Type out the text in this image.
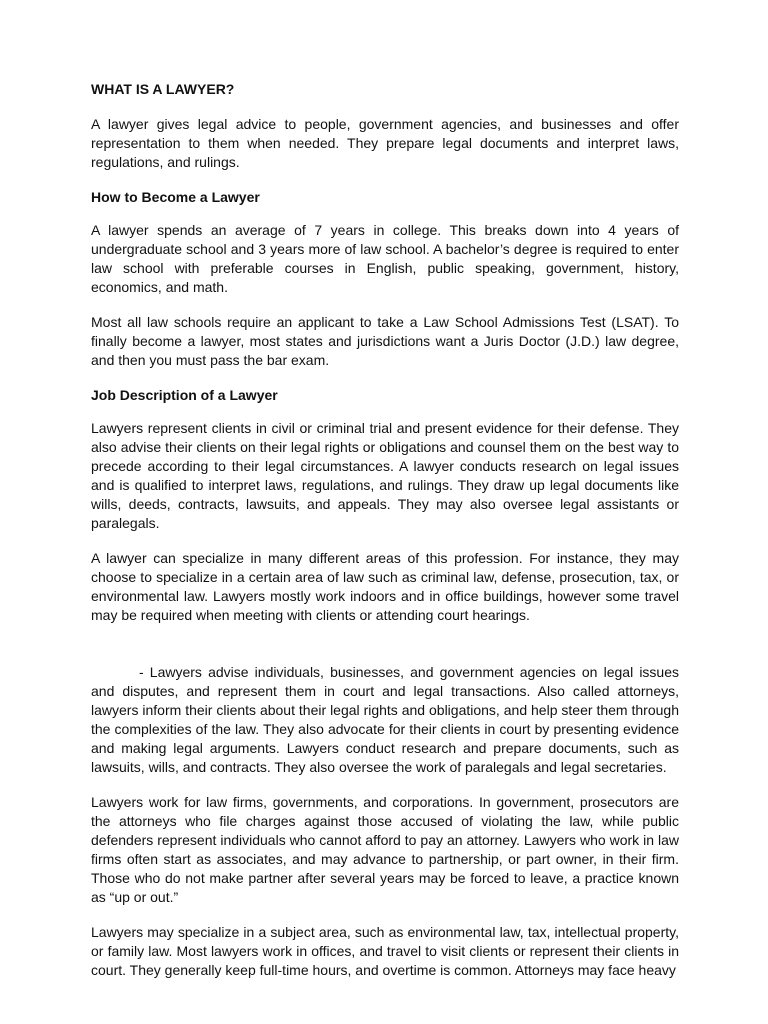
WHAT IS A LAWYER?

A lawyer gives legal advice to people, government agencies, and businesses and offer representation to them when needed. They prepare legal documents and interpret laws, regulations, and rulings.

How to Become a Lawyer

A lawyer spends an average of 7 years in college. This breaks down into 4 years of undergraduate school and 3 years more of law school. A bachelor’s degree is required to enter law school with preferable courses in English, public speaking, government, history, economics, and math.

Most all law schools require an applicant to take a Law School Admissions Test (LSAT). To finally become a lawyer, most states and jurisdictions want a Juris Doctor (J.D.) law degree, and then you must pass the bar exam.

Job Description of a Lawyer

Lawyers represent clients in civil or criminal trial and present evidence for their defense. They also advise their clients on their legal rights or obligations and counsel them on the best way to precede according to their legal circumstances. A lawyer conducts research on legal issues and is qualified to interpret laws, regulations, and rulings. They draw up legal documents like wills, deeds, contracts, lawsuits, and appeals. They may also oversee legal assistants or paralegals.

A lawyer can specialize in many different areas of this profession. For instance, they may choose to specialize in a certain area of law such as criminal law, defense, prosecution, tax, or environmental law. Lawyers mostly work indoors and in office buildings, however some travel may be required when meeting with clients or attending court hearings.

- Lawyers advise individuals, businesses, and government agencies on legal issues and disputes, and represent them in court and legal transactions. Also called attorneys, lawyers inform their clients about their legal rights and obligations, and help steer them through the complexities of the law. They also advocate for their clients in court by presenting evidence and making legal arguments. Lawyers conduct research and prepare documents, such as lawsuits, wills, and contracts. They also oversee the work of paralegals and legal secretaries.

Lawyers work for law firms, governments, and corporations. In government, prosecutors are the attorneys who file charges against those accused of violating the law, while public defenders represent individuals who cannot afford to pay an attorney. Lawyers who work in law firms often start as associates, and may advance to partnership, or part owner, in their firm. Those who do not make partner after several years may be forced to leave, a practice known as “up or out.”

Lawyers may specialize in a subject area, such as environmental law, tax, intellectual property, or family law. Most lawyers work in offices, and travel to visit clients or represent their clients in court. They generally keep full-time hours, and overtime is common. Attorneys may face heavy
